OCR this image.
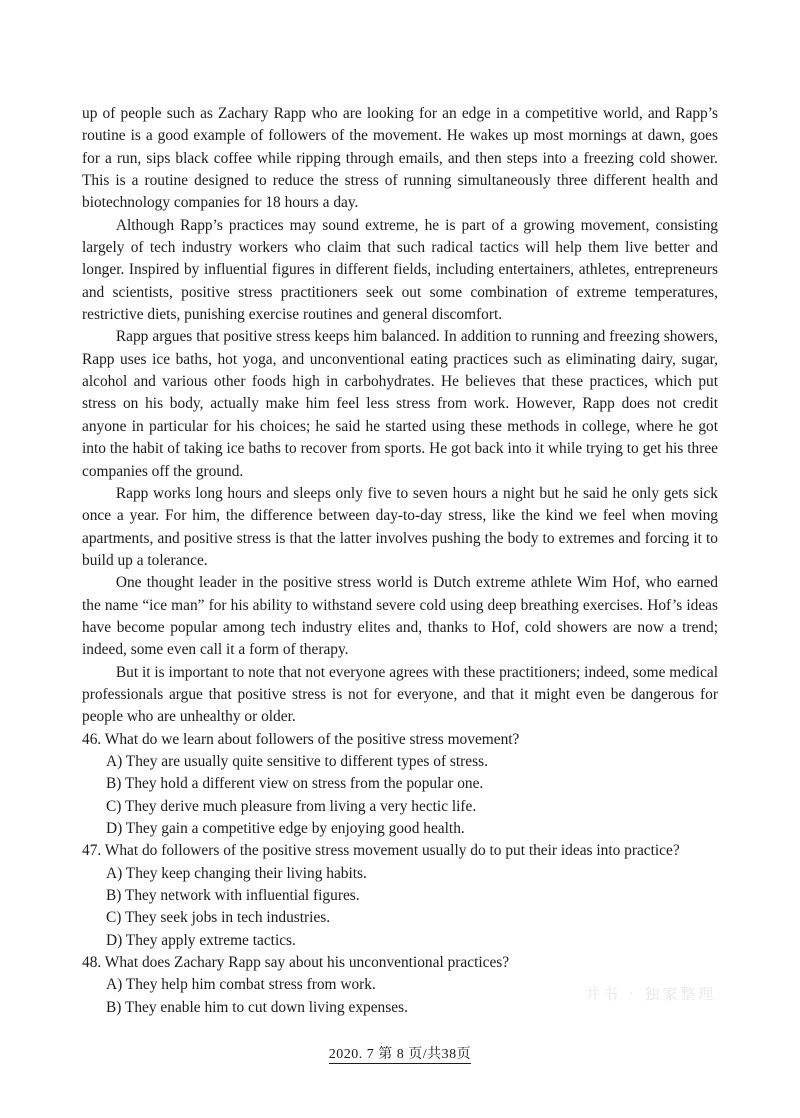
up of people such as Zachary Rapp who are looking for an edge in a competitive world, and Rapp’s routine is a good example of followers of the movement. He wakes up most mornings at dawn, goes for a run, sips black coffee while ripping through emails, and then steps into a freezing cold shower. This is a routine designed to reduce the stress of running simultaneously three different health and biotechnology companies for 18 hours a day.

Although Rapp’s practices may sound extreme, he is part of a growing movement, consisting largely of tech industry workers who claim that such radical tactics will help them live better and longer. Inspired by influential figures in different fields, including entertainers, athletes, entrepreneurs and scientists, positive stress practitioners seek out some combination of extreme temperatures, restrictive diets, punishing exercise routines and general discomfort.

Rapp argues that positive stress keeps him balanced. In addition to running and freezing showers, Rapp uses ice baths, hot yoga, and unconventional eating practices such as eliminating dairy, sugar, alcohol and various other foods high in carbohydrates. He believes that these practices, which put stress on his body, actually make him feel less stress from work. However, Rapp does not credit anyone in particular for his choices; he said he started using these methods in college, where he got into the habit of taking ice baths to recover from sports. He got back into it while trying to get his three companies off the ground.

Rapp works long hours and sleeps only five to seven hours a night but he said he only gets sick once a year. For him, the difference between day-to-day stress, like the kind we feel when moving apartments, and positive stress is that the latter involves pushing the body to extremes and forcing it to build up a tolerance.

One thought leader in the positive stress world is Dutch extreme athlete Wim Hof, who earned the name “ice man” for his ability to withstand severe cold using deep breathing exercises. Hof’s ideas have become popular among tech industry elites and, thanks to Hof, cold showers are now a trend; indeed, some even call it a form of therapy.

But it is important to note that not everyone agrees with these practitioners; indeed, some medical professionals argue that positive stress is not for everyone, and that it might even be dangerous for people who are unhealthy or older.

46. What do we learn about followers of the positive stress movement?
A) They are usually quite sensitive to different types of stress.
B) They hold a different view on stress from the popular one.
C) They derive much pleasure from living a very hectic life.
D) They gain a competitive edge by enjoying good health.
47. What do followers of the positive stress movement usually do to put their ideas into practice?
A) They keep changing their living habits.
B) They network with influential figures.
C) They seek jobs in tech industries.
D) They apply extreme tactics.
48. What does Zachary Rapp say about his unconventional practices?
A) They help him combat stress from work.
B) They enable him to cut down living expenses.
井书 · 独家整理
2020. 7 第 8 页/共38页
